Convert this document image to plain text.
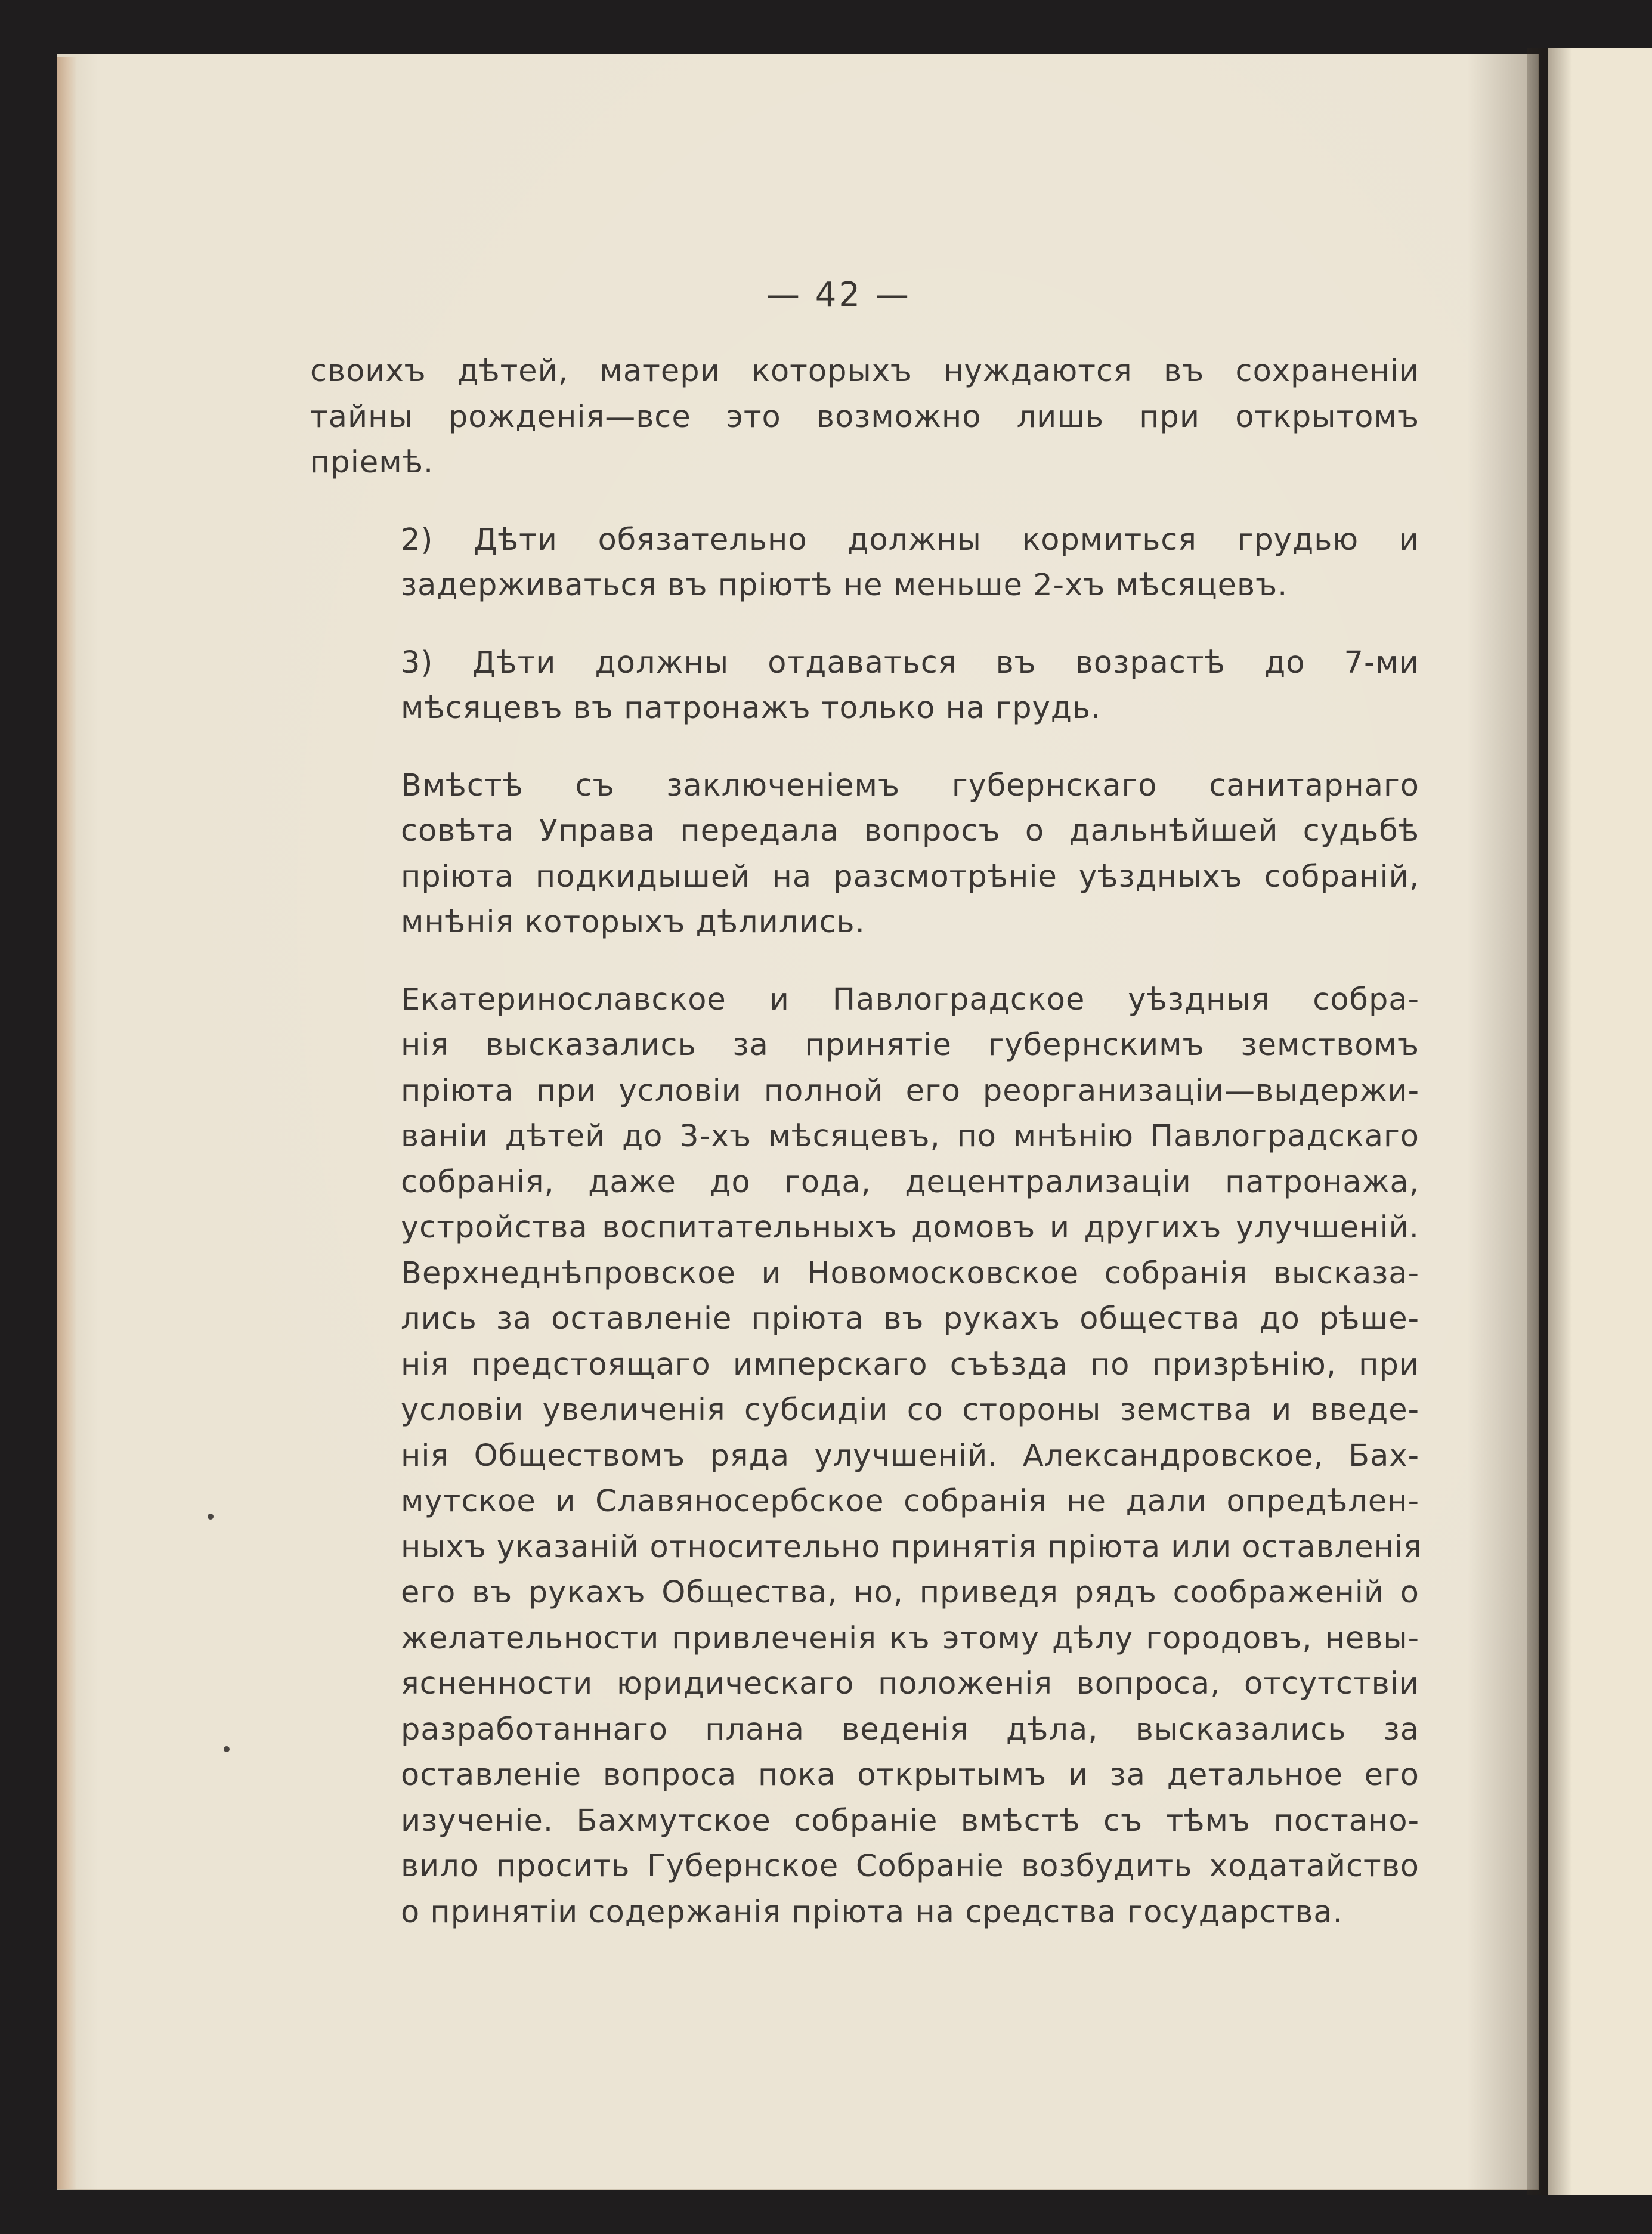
— 42 —

своихъ дѣтей, матери которыхъ нуждаются въ сохраненіи
тайны рожденія—все это возможно лишь при открытомъ
пріемѣ.

2) Дѣти обязательно должны кормиться грудью и
задерживаться въ пріютѣ не меньше 2-хъ мѣсяцевъ.

3) Дѣти должны отдаваться въ возрастѣ до 7-ми
мѣсяцевъ въ патронажъ только на грудь.

Вмѣстѣ съ заключеніемъ губернскаго санитарнаго
совѣта Управа передала вопросъ о дальнѣйшей судьбѣ
пріюта подкидышей на разсмотрѣніе уѣздныхъ собраній,
мнѣнія которыхъ дѣлились.

Екатеринославское и Павлоградское уѣздныя собра-
нія высказались за принятіе губернскимъ земствомъ
пріюта при условіи полной его реорганизаціи—выдержи-
ваніи дѣтей до 3-хъ мѣсяцевъ, по мнѣнію Павлоградскаго
собранія, даже до года, децентрализаціи патронажа,
устройства воспитательныхъ домовъ и другихъ улучшеній.
Верхнеднѣпровское и Новомосковское собранія высказа-
лись за оставленіе пріюта въ рукахъ общества до рѣше-
нія предстоящаго имперскаго съѣзда по призрѣнію, при
условіи увеличенія субсидіи со стороны земства и введе-
нія Обществомъ ряда улучшеній. Александровское, Бах-
мутское и Славяносербское собранія не дали опредѣлен-
ныхъ указаній относительно принятія пріюта или оставленія
его въ рукахъ Общества, но, приведя рядъ соображеній о
желательности привлеченія къ этому дѣлу городовъ, невы-
ясненности юридическаго положенія вопроса, отсутствіи
разработаннаго плана веденія дѣла, высказались за
оставленіе вопроса пока открытымъ и за детальное его
изученіе. Бахмутское собраніе вмѣстѣ съ тѣмъ постано-
вило просить Губернское Собраніе возбудить ходатайство
о принятіи содержанія пріюта на средства государства.
